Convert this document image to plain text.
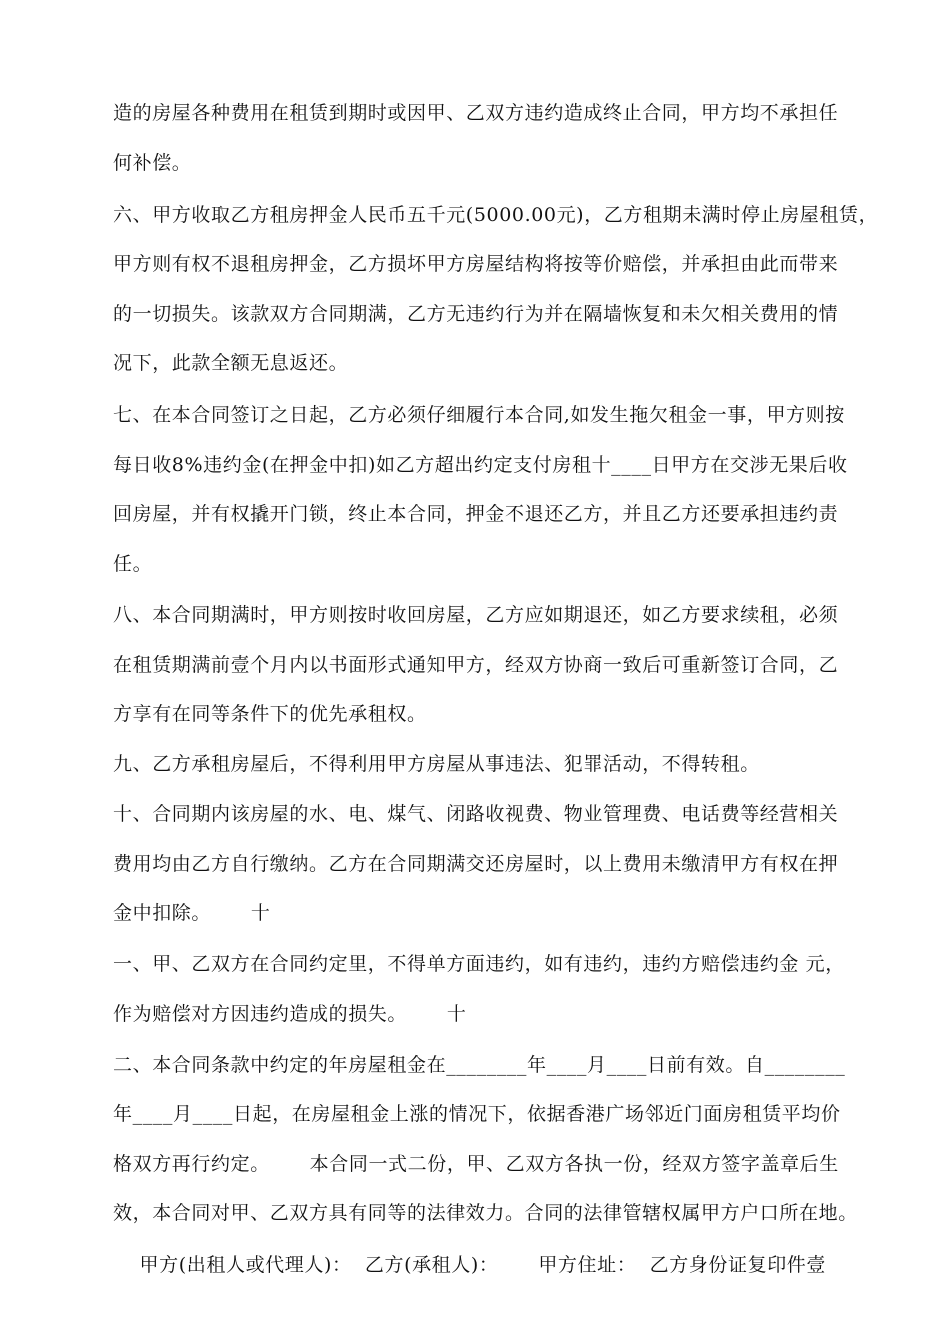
造的房屋各种费用在租赁到期时或因甲、乙双方违约造成终止合同，甲方均不承担任
何补偿。
六、甲方收取乙方租房押金人民币五千元(5000.00元)，乙方租期未满时停止房屋租赁，
甲方则有权不退租房押金，乙方损坏甲方房屋结构将按等价赔偿，并承担由此而带来
的一切损失。该款双方合同期满，乙方无违约行为并在隔墙恢复和未欠相关费用的情
况下，此款全额无息返还。
七、在本合同签订之日起，乙方必须仔细履行本合同,如发生拖欠租金一事，甲方则按
每日收8%违约金(在押金中扣)如乙方超出约定支付房租十____日甲方在交涉无果后收
回房屋，并有权撬开门锁，终止本合同，押金不退还乙方，并且乙方还要承担违约责
任。
八、本合同期满时，甲方则按时收回房屋，乙方应如期退还，如乙方要求续租，必须
在租赁期满前壹个月内以书面形式通知甲方，经双方协商一致后可重新签订合同，乙
方享有在同等条件下的优先承租权。
九、乙方承租房屋后，不得利用甲方房屋从事违法、犯罪活动，不得转租。
十、合同期内该房屋的水、电、煤气、闭路收视费、物业管理费、电话费等经营相关
费用均由乙方自行缴纳。乙方在合同期满交还房屋时，以上费用未缴清甲方有权在押
金中扣除。      十
一、甲、乙双方在合同约定里，不得单方面违约，如有违约，违约方赔偿违约金 元，
作为赔偿对方因违约造成的损失。      十
二、本合同条款中约定的年房屋租金在________年____月____日前有效。自________
年____月____日起，在房屋租金上涨的情况下，依据香港广场邻近门面房租赁平均价
格双方再行约定。      本合同一式二份，甲、乙双方各执一份，经双方签字盖章后生
效，本合同对甲、乙双方具有同等的法律效力。合同的法律管辖权属甲方户口所在地。
甲方(出租人或代理人)：  乙方(承租人)：      甲方住址：  乙方身份证复印件壹
